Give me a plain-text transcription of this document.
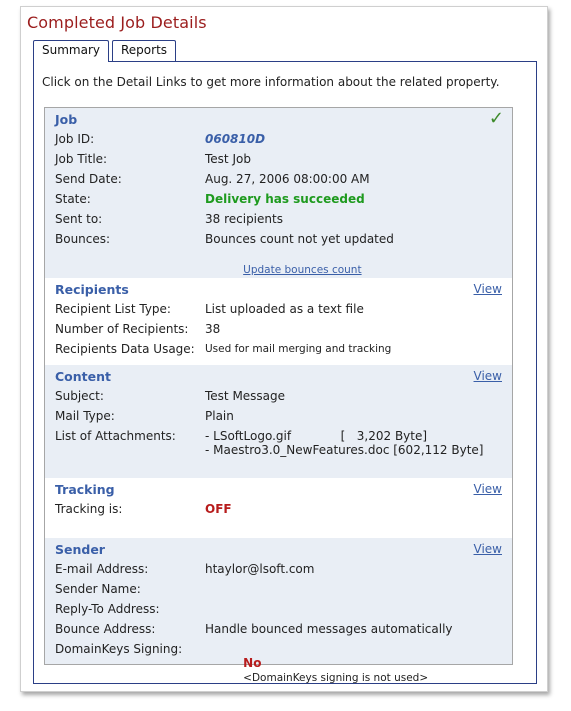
Completed Job Details
Summary	Reports
Click on the Detail Links to get more information about the related property.
Job	✓
Job ID:	060810D
Job Title:	Test Job
Send Date:	Aug. 27, 2006 08:00:00 AM
State:	Delivery has succeeded
Sent to:	38 recipients
Bounces:	Bounces count not yet updated

Update bounces count

Recipients	View
Recipient List Type:	List uploaded as a text file
Number of Recipients: 38
Recipients Data Usage: Used for mail merging and tracking
Content	View
Subject:	Test Message
Mail Type:	Plain
List of Attachments: - LSoftLogo.gif             [   3,202 Byte]
- Maestro3.0_NewFeatures.doc [602,112 Byte]
Tracking	View
Tracking is:	OFF
Sender	View
E-mail Address:	htaylor@lsoft.com
Sender Name:
Reply-To Address:
Bounce Address:	Handle bounced messages automatically
DomainKeys Signing:

No
<DomainKeys signing is not used>
